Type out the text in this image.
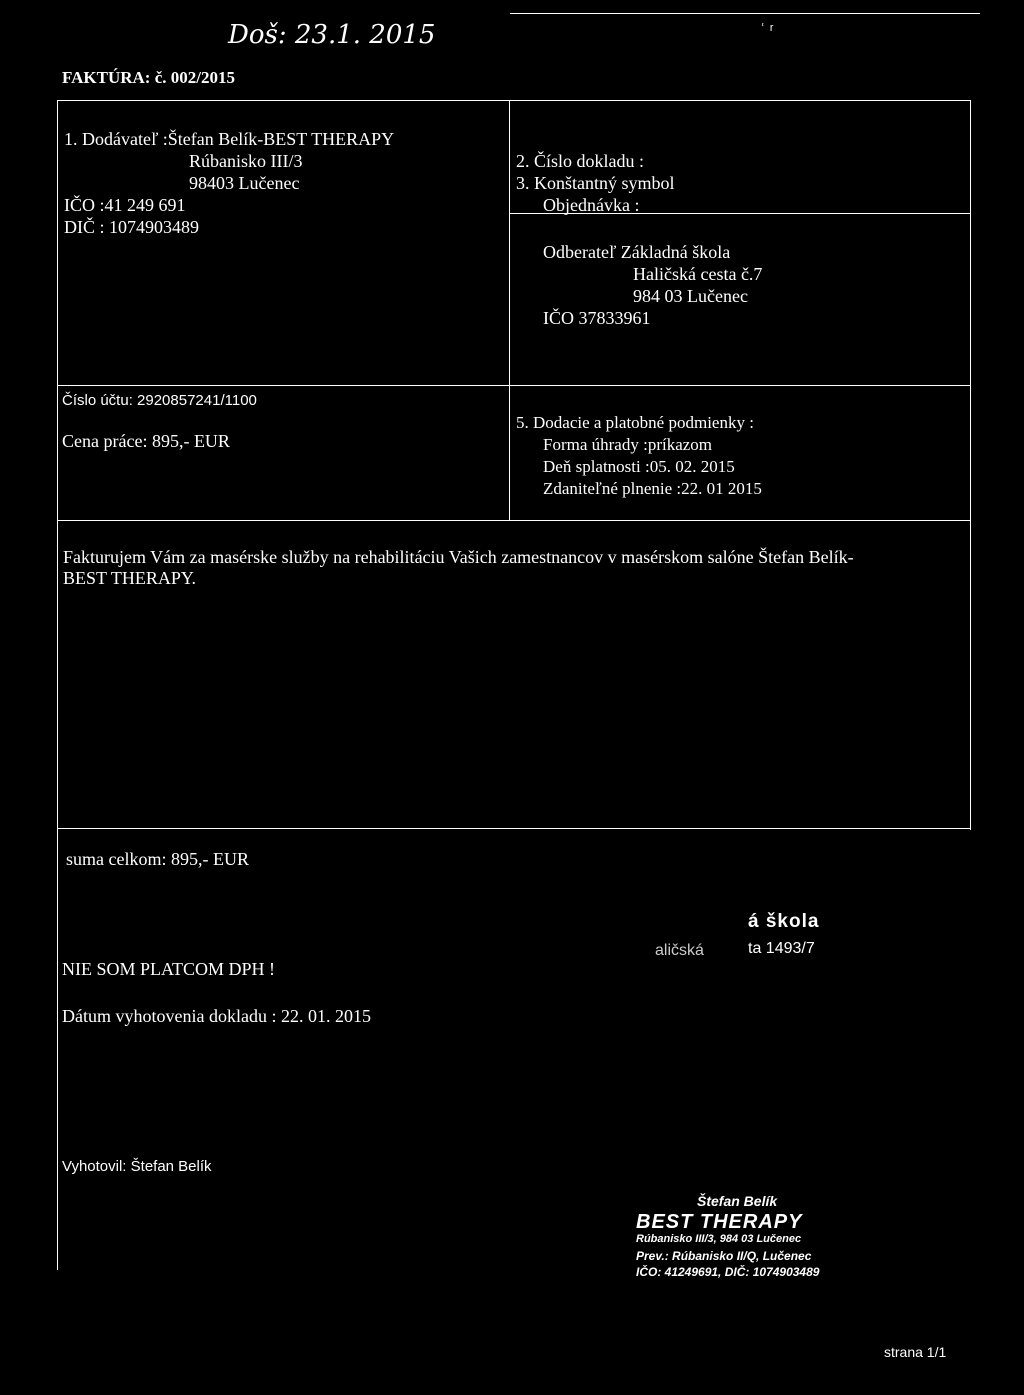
Doš: 23.1. 2015
FAKTÚRA: č. 002/2015
ʿ ʳ
1. Dodávateľ :Štefan Belík-BEST THERAPY
Rúbanisko III/3
98403 Lučenec
IČO :41 249 691
DIČ : 1074903489
2. Číslo dokladu :
3. Konštantný symbol
Objednávka :
Odberateľ Základná škola
Haličská cesta č.7
984 03 Lučenec
IČO 37833961
Číslo účtu: 2920857241/1100
Cena práce: 895,- EUR
5. Dodacie a platobné podmienky :
Forma úhrady :príkazom
Deň splatnosti :05. 02. 2015
Zdaniteľné plnenie :22. 01 2015
Fakturujem Vám za masérske služby na rehabilitáciu Vašich zamestnancov v masérskom salóne Štefan Belík-
BEST THERAPY.
suma celkom: 895,- EUR
NIE SOM PLATCOM DPH !
Dátum vyhotovenia dokladu : 22. 01. 2015
Vyhotovil: Štefan Belík
á škola
aličská	ta 1493/7
Štefan Belík
BEST THERAPY
Rúbanisko III/3, 984 03 Lučenec
Prev.: Rúbanisko II/Q, Lučenec
IČO: 41249691, DIČ: 1074903489
strana 1/1
